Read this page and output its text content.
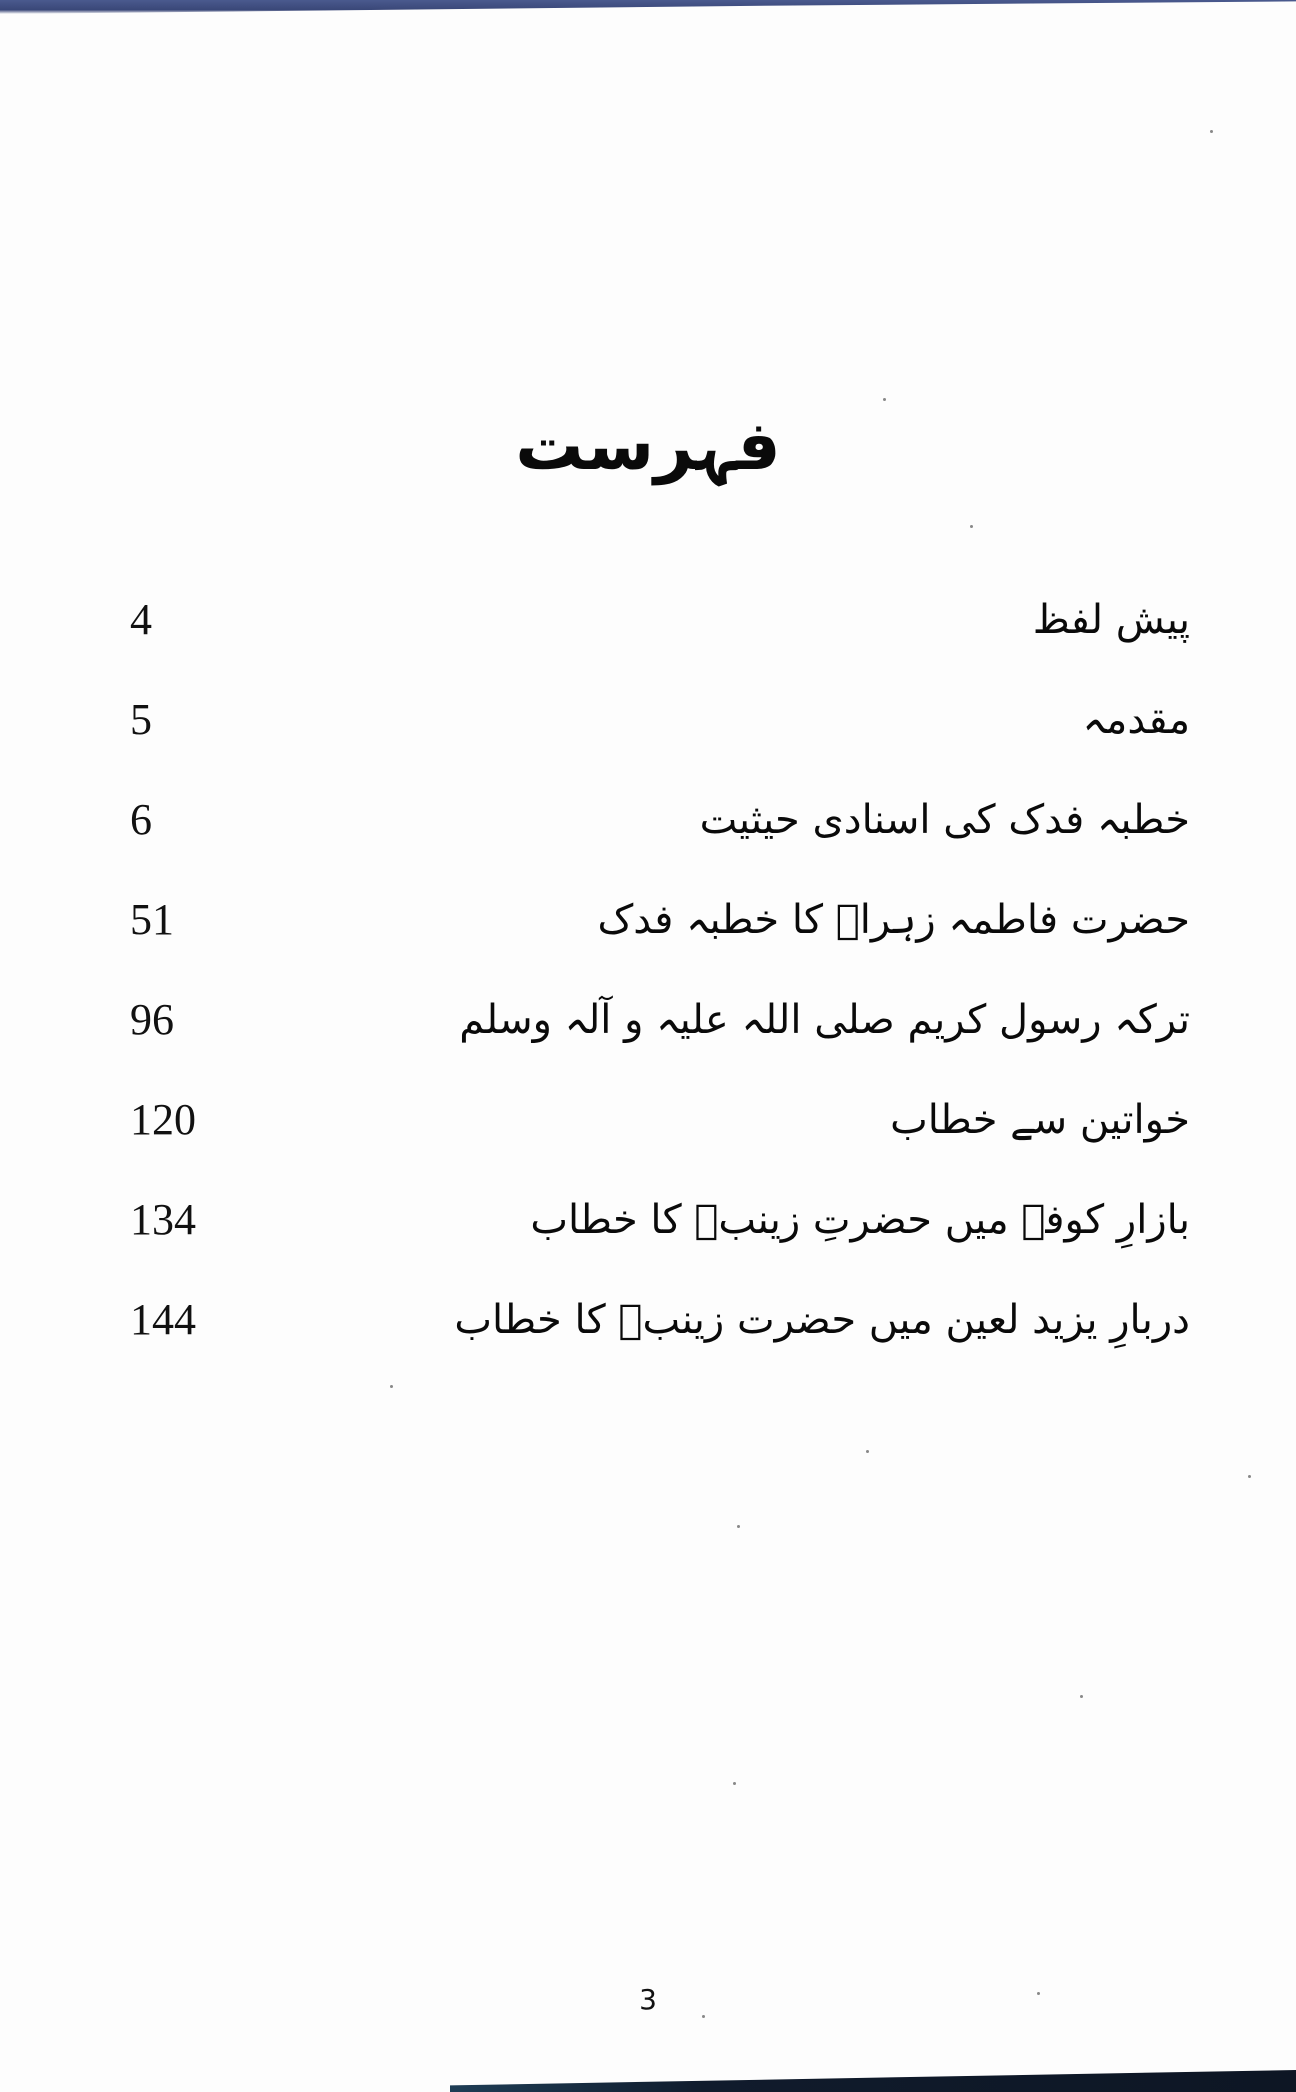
فہرست
پیش لفظ
4
مقدمہ
5
خطبہ فدک کی اسنادی حیثیت
6
حضرت فاطمہ زہراؑ کا خطبہ فدک
51
ترکہ رسول کریم صلی اللہ علیہ و آلہ وسلم
96
خواتین سے خطاب
120
بازارِ کوفہ میں حضرتِ زینبؑ کا خطاب
134
دربارِ یزید لعین میں حضرت زینبؑ کا خطاب
144
3
